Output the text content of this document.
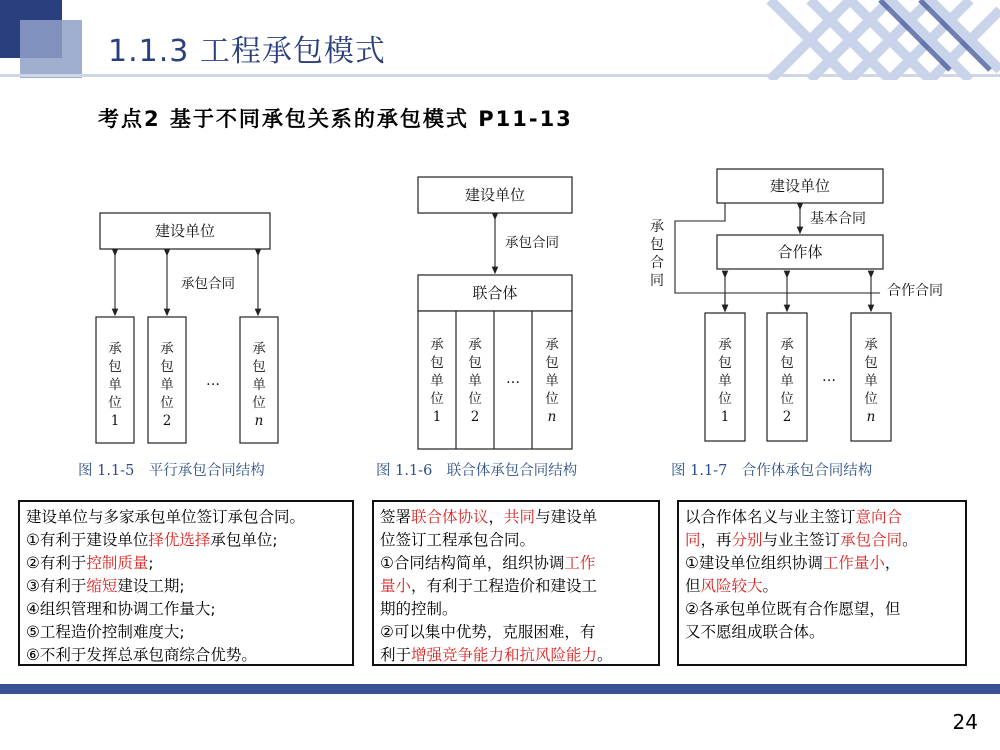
1.1.3 工程承包模式
考点2 基于不同承包关系的承包模式 P11-13
建设单位
承包合同
承
包
单
位
1
承
包
单
位
2
承
包
单
位
n
…
图 1.1-5　平行承包合同结构
建设单位
承包合同
联合体
承
包
单
位
1
承
包
单
位
2
承
包
单
位
n
…
图 1.1-6　联合体承包合同结构
建设单位
基本合同
合作体
承
包
合
同
合作合同
承
包
单
位
1
承
包
单
位
2
承
包
单
位
n
…
图 1.1-7　合作体承包合同结构

建设单位与多家承包单位签订承包合同。

①有利于建设单位择优选择承包单位;

②有利于控制质量;

③有利于缩短建设工期;

④组织管理和协调工作量大;

⑤工程造价控制难度大;

⑥不利于发挥总承包商综合优势。

签署联合体协议，共同与建设单

位签订工程承包合同。

①合同结构简单，组织协调工作

量小，有利于工程造价和建设工

期的控制。

②可以集中优势，克服困难，有

利于增强竞争能力和抗风险能力。

以合作体名义与业主签订意向合

同，再分别与业主签订承包合同。

①建设单位组织协调工作量小，

但风险较大。

②各承包单位既有合作愿望，但

又不愿组成联合体。

24
